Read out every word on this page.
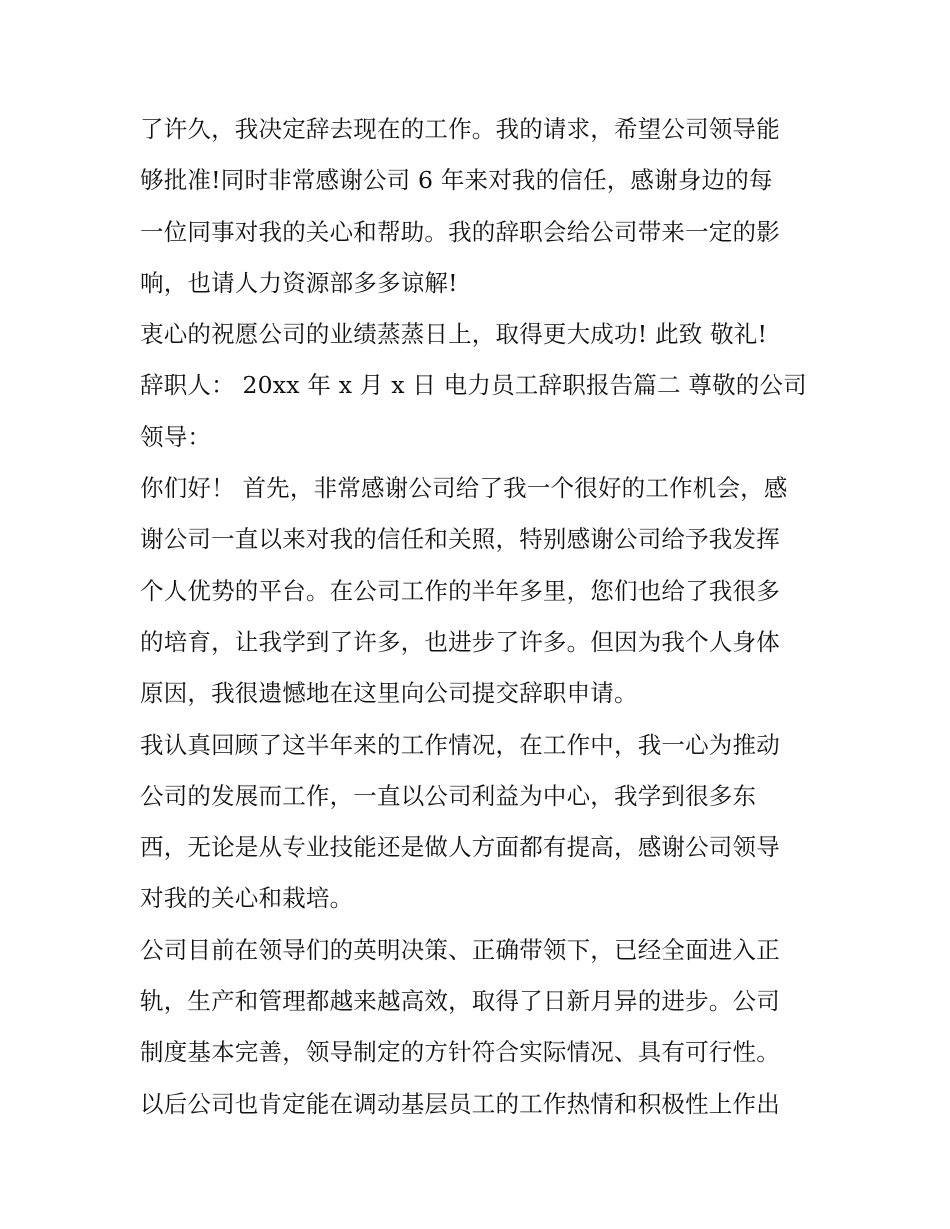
了许久，我决定辞去现在的工作。我的请求，希望公司领导能
够批准!同时非常感谢公司 6 年来对我的信任，感谢身边的每
一位同事对我的关心和帮助。我的辞职会给公司带来一定的影
响，也请人力资源部多多谅解!
衷心的祝愿公司的业绩蒸蒸日上，取得更大成功! 此致 敬礼!
辞职人： 20xx 年 x 月 x 日 电力员工辞职报告篇二 尊敬的公司
领导：
你们好！ 首先，非常感谢公司给了我一个很好的工作机会，感
谢公司一直以来对我的信任和关照，特别感谢公司给予我发挥
个人优势的平台。在公司工作的半年多里，您们也给了我很多
的培育，让我学到了许多，也进步了许多。但因为我个人身体
原因，我很遗憾地在这里向公司提交辞职申请。
我认真回顾了这半年来的工作情况，在工作中，我一心为推动
公司的发展而工作，一直以公司利益为中心，我学到很多东
西，无论是从专业技能还是做人方面都有提高，感谢公司领导
对我的关心和栽培。
公司目前在领导们的英明决策、正确带领下，已经全面进入正
轨，生产和管理都越来越高效，取得了日新月异的进步。公司
制度基本完善，领导制定的方针符合实际情况、具有可行性。
以后公司也肯定能在调动基层员工的工作热情和积极性上作出
